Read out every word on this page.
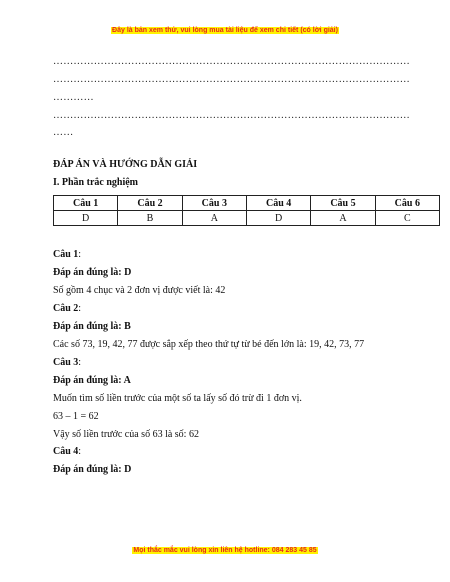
Đây là bản xem thử, vui lòng mua tài liệu để xem chi tiết (có lời giải)
……………………………………………………………………………………………
……………………………………………………………………………………………
…………
……………………………………………………………………………………………
……
ĐÁP ÁN VÀ HƯỚNG DẪN GIẢI
I. Phần trắc nghiệm
Câu 1	Câu 2	Câu 3	Câu 4	Câu 5	Câu 6
D	B	A	D	A	C
Câu 1:
Đáp án đúng là: D
Số gồm 4 chục và 2 đơn vị được viết là: 42
Câu 2:
Đáp án đúng là: B
Các số 73, 19, 42, 77 được sắp xếp theo thứ tự từ bé đến lớn là: 19, 42, 73, 77
Câu 3:
Đáp án đúng là: A
Muốn tìm số liền trước của một số ta lấy số đó trừ đi 1 đơn vị.
63 – 1 = 62
Vậy số liền trước của số 63 là số: 62
Câu 4:
Đáp án đúng là: D
Mọi thắc mắc vui lòng xin liên hệ hotline: 084 283 45 85
